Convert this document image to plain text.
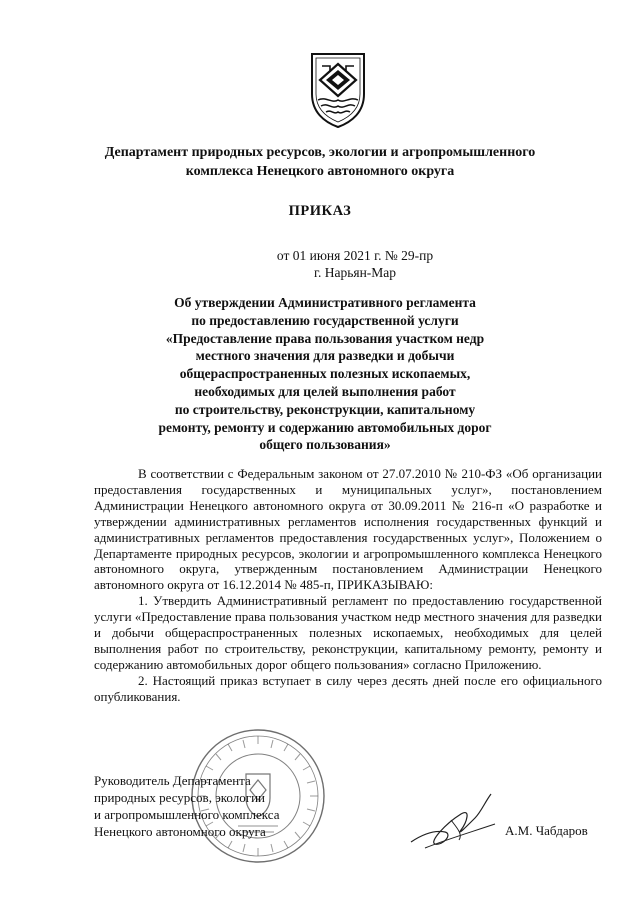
Департамент природных ресурсов, экологии и агропромышленного
комплекса Ненецкого автономного округа
ПРИКАЗ
от 01 июня 2021 г. № 29-пр
г. Нарьян-Мар
Об утверждении Административного регламента
по предоставлению государственной услуги
«Предоставление права пользования участком недр
местного значения для разведки и добычи
общераспространенных полезных ископаемых,
необходимых для целей выполнения работ
по строительству, реконструкции, капитальному
ремонту, ремонту и содержанию автомобильных дорог
общего пользования»

В соответствии с Федеральным законом от 27.07.2010 № 210-ФЗ «Об организации предоставления государственных и муниципальных услуг», постановлением Администрации Ненецкого автономного округа от 30.09.2011 № 216-п «О разработке и утверждении административных регламентов исполнения государственных функций и административных регламентов предоставления государственных услуг», Положением о Департаменте природных ресурсов, экологии и агропромышленного комплекса Ненецкого автономного округа, утвержденным постановлением Администрации Ненецкого автономного округа от 16.12.2014 № 485-п, ПРИКАЗЫВАЮ:

1. Утвердить Административный регламент по предоставлению государственной услуги «Предоставление права пользования участком недр местного значения для разведки и добычи общераспространенных полезных ископаемых, необходимых для целей выполнения работ по строительству, реконструкции, капитальному ремонту, ремонту и содержанию автомобильных дорог общего пользования» согласно Приложению.

2. Настоящий приказ вступает в силу через десять дней после его официального опубликования.

Руководитель Департамента
природных ресурсов, экологии
и агропромышленного комплекса
Ненецкого автономного округа	А.М. Чабдаров
